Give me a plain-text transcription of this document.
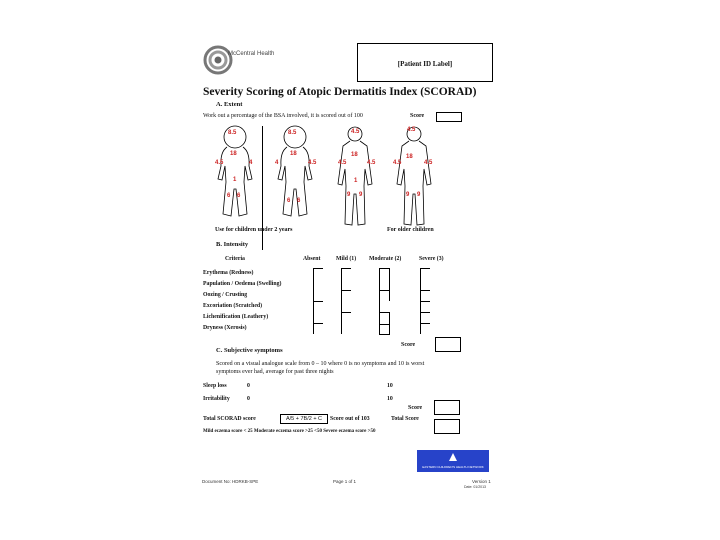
McCentral Health
[Patient ID Label]
Severity Scoring of Atopic Dermatitis Index (SCORAD)
A. Extent
Work out a percentage of the BSA involved, it is scored out of 100	Score
8.5
18
4.5	4
1
6 6
8.5
18
4	4.5
6 6
4.5
18
4.5	4.5
1
9 9
4.5
18
4.5	4.5
9 9
Use for children under 2 years	For older children
B. Intensity
Criteria	Absent	Mild (1) Moderate (2)	Severe (3)
Erythema (Redness)
Papulation / Oedema (Swelling)
Oozing / Crusting
Excoriation (Scratched)
Lichenification (Leathery)
Dryness (Xerosis)
Score
C. Subjective symptoms
Scored on a visual analogue scale from 0 – 10 where 0 is no symptoms and 10 is worst
symptoms ever had, average for past three nights
Sleep loss	0	10
Irritability	0	10
Score
Total SCORAD score	A/5 + 7B/2 + C	Score out of 103	Total Score
Mild eczema score < 25 Moderate eczema score >25 <50 Severe eczema score >50
EASTERN CHILDREN'S HEALTH NETWORK
Document No: HDRKB-SPE	Page 1 of 1	Version 1
Date: 01/2013
